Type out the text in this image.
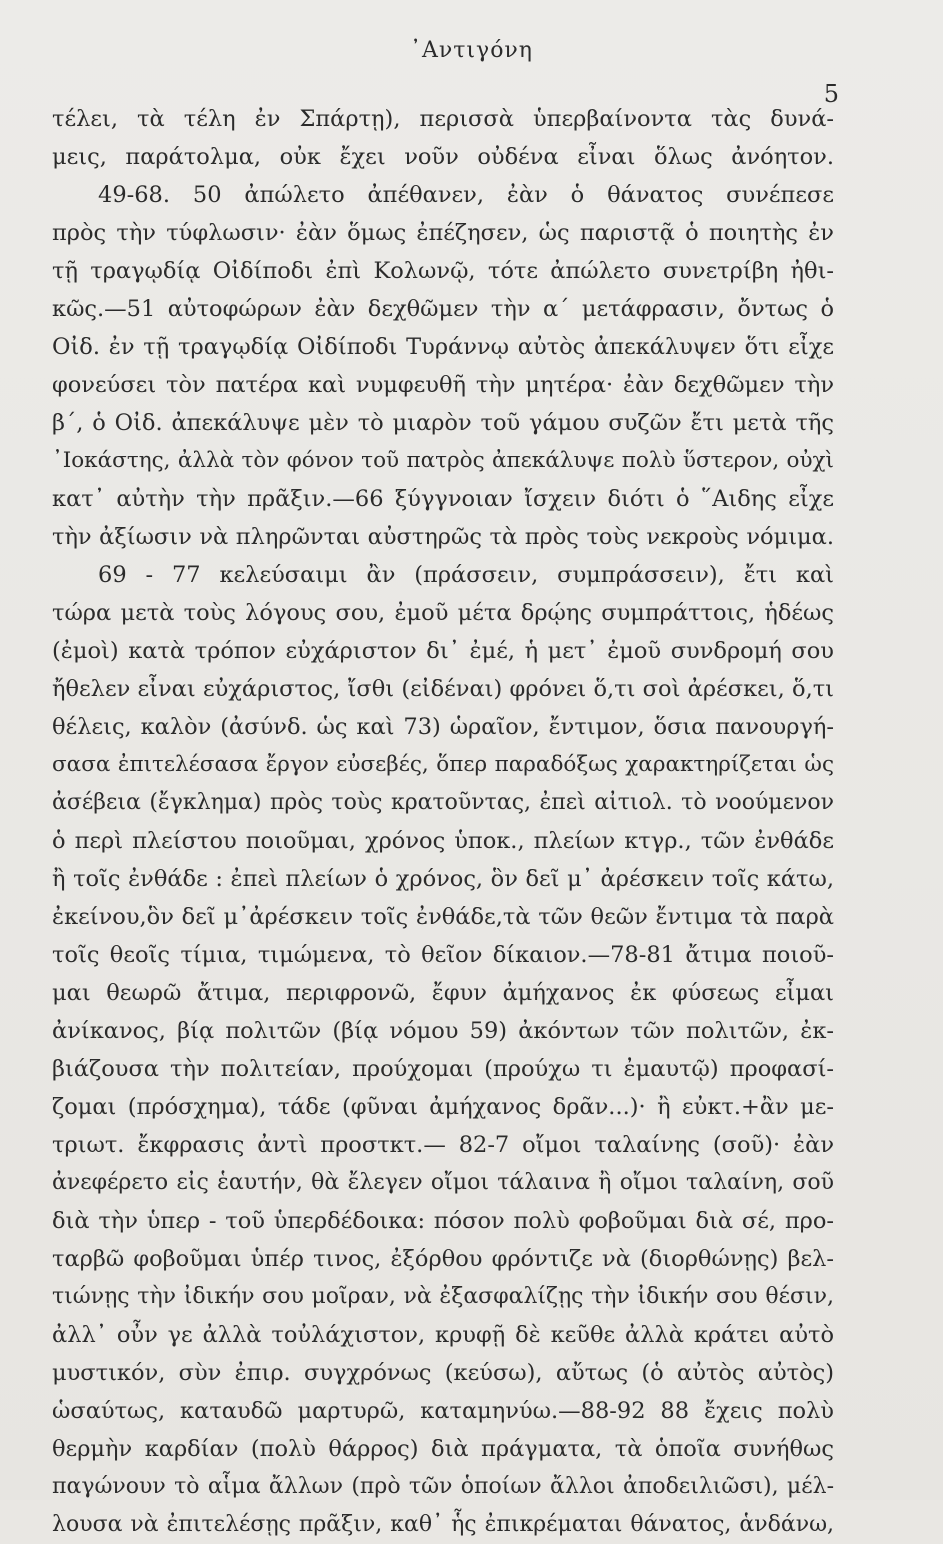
᾿Αντιγόνη
5
τέλει, τὰ τέλη ἐν Σπάρτῃ), περισσὰ ὑπερβαίνοντα τὰς δυνά-
μεις, παράτολμα, οὐκ ἔχει νοῦν οὐδένα εἶναι ὅλως ἀνόητον.
49-68. 50 ἀπώλετο ἀπέθανεν, ἐὰν ὁ θάνατος συνέπεσε
πρὸς τὴν τύφλωσιν· ἐὰν ὅμως ἐπέζησεν, ὡς παριστᾷ ὁ ποιητὴς ἐν
τῇ τραγῳδίᾳ Οἰδίποδι ἐπὶ Κολωνῷ, τότε ἀπώλετο συνετρίβη ἠθι-
κῶς.—51 αὐτοφώρων ἐὰν δεχθῶμεν τὴν α´ μετάφρασιν, ὄντως ὁ
Οἰδ. ἐν τῇ τραγῳδίᾳ Οἰδίποδι Τυράννῳ αὐτὸς ἀπεκάλυψεν ὅτι εἶχε
φονεύσει τὸν πατέρα καὶ νυμφευθῆ τὴν μητέρα· ἐὰν δεχθῶμεν τὴν
β´, ὁ Οἰδ. ἀπεκάλυψε μὲν τὸ μιαρὸν τοῦ γάμου συζῶν ἔτι μετὰ τῆς
᾿Ιοκάστης, ἀλλὰ τὸν φόνον τοῦ πατρὸς ἀπεκάλυψε πολὺ ὕστερον, οὐχὶ
κατ᾿ αὐτὴν τὴν πρᾶξιν.—66 ξύγγνοιαν ἴσχειν διότι ὁ ῞Αιδης εἶχε
τὴν ἀξίωσιν νὰ πληρῶνται αὐστηρῶς τὰ πρὸς τοὺς νεκροὺς νόμιμα.
69 - 77 κελεύσαιμι ἂν (πράσσειν, συμπράσσειν), ἔτι καὶ
τώρα μετὰ τοὺς λόγους σου, ἐμοῦ μέτα δρῴης συμπράττοις, ἡδέως
(ἐμοὶ) κατὰ τρόπον εὐχάριστον δι᾿ ἐμέ, ἡ μετ᾿ ἐμοῦ συνδρομή σου
ἤθελεν εἶναι εὐχάριστος, ἴσθι (εἰδέναι) φρόνει ὅ,τι σοὶ ἀρέσκει, ὅ,τι
θέλεις, καλὸν (ἀσύνδ. ὡς καὶ 73) ὡραῖον, ἔντιμον, ὅσια πανουργή-
σασα ἐπιτελέσασα ἔργον εὐσεβές, ὅπερ παραδόξως χαρακτηρίζεται ὡς
ἀσέβεια (ἔγκλημα) πρὸς τοὺς κρατοῦντας, ἐπεὶ αἰτιολ. τὸ νοούμενον
ὁ περὶ πλείστου ποιοῦμαι, χρόνος ὑποκ., πλείων κτγρ., τῶν ἐνθάδε
ἢ τοῖς ἐνθάδε : ἐπεὶ πλείων ὁ χρόνος, ὃν δεῖ μ᾿ ἀρέσκειν τοῖς κάτω,
ἐκείνου,ὃν δεῖ μ᾿ἀρέσκειν τοῖς ἐνθάδε,τὰ τῶν θεῶν ἔντιμα τὰ παρὰ
τοῖς θεοῖς τίμια, τιμώμενα, τὸ θεῖον δίκαιον.—78-81 ἄτιμα ποιοῦ-
μαι θεωρῶ ἄτιμα, περιφρονῶ, ἔφυν ἀμήχανος ἐκ φύσεως εἶμαι
ἀνίκανος, βίᾳ πολιτῶν (βίᾳ νόμου 59) ἀκόντων τῶν πολιτῶν, ἐκ-
βιάζουσα τὴν πολιτείαν, προύχομαι (προύχω τι ἐμαυτῷ) προφασί-
ζομαι (πρόσχημα), τάδε (φῦναι ἀμήχανος δρᾶν...)· ἢ εὐκτ.+ἂν με-
τριωτ. ἔκφρασις ἀντὶ προστκτ.— 82-7 οἴμοι ταλαίνης (σοῦ)· ἐὰν
ἀνεφέρετο εἰς ἑαυτήν, θὰ ἔλεγεν οἴμοι τάλαινα ἢ οἴμοι ταλαίνη, σοῦ
διὰ τὴν ὑπερ - τοῦ ὑπερδέδοικα: πόσον πολὺ φοβοῦμαι διὰ σέ, προ-
ταρβῶ φοβοῦμαι ὑπέρ τινος, ἐξόρθου φρόντιζε νὰ (διορθώνῃς) βελ-
τιώνῃς τὴν ἰδικήν σου μοῖραν, νὰ ἐξασφαλίζῃς τὴν ἰδικήν σου θέσιν,
ἀλλ᾿ οὖν γε ἀλλὰ τοὐλάχιστον, κρυφῇ δὲ κεῦθε ἀλλὰ κράτει αὐτὸ
μυστικόν, σὺν ἐπιρ. συγχρόνως (κεύσω), αὔτως (ὁ αὐτὸς αὐτὸς)
ὡσαύτως, καταυδῶ μαρτυρῶ, καταμηνύω.—88-92 88 ἔχεις πολὺ
θερμὴν καρδίαν (πολὺ θάρρος) διὰ πράγματα, τὰ ὁποῖα συνήθως
παγώνουν τὸ αἷμα ἄλλων (πρὸ τῶν ὁποίων ἄλλοι ἀποδειλιῶσι), μέλ-
λουσα νὰ ἐπιτελέσῃς πρᾶξιν, καθ᾿ ἧς ἐπικρέμαται θάνατος, ἁνδάνω,
